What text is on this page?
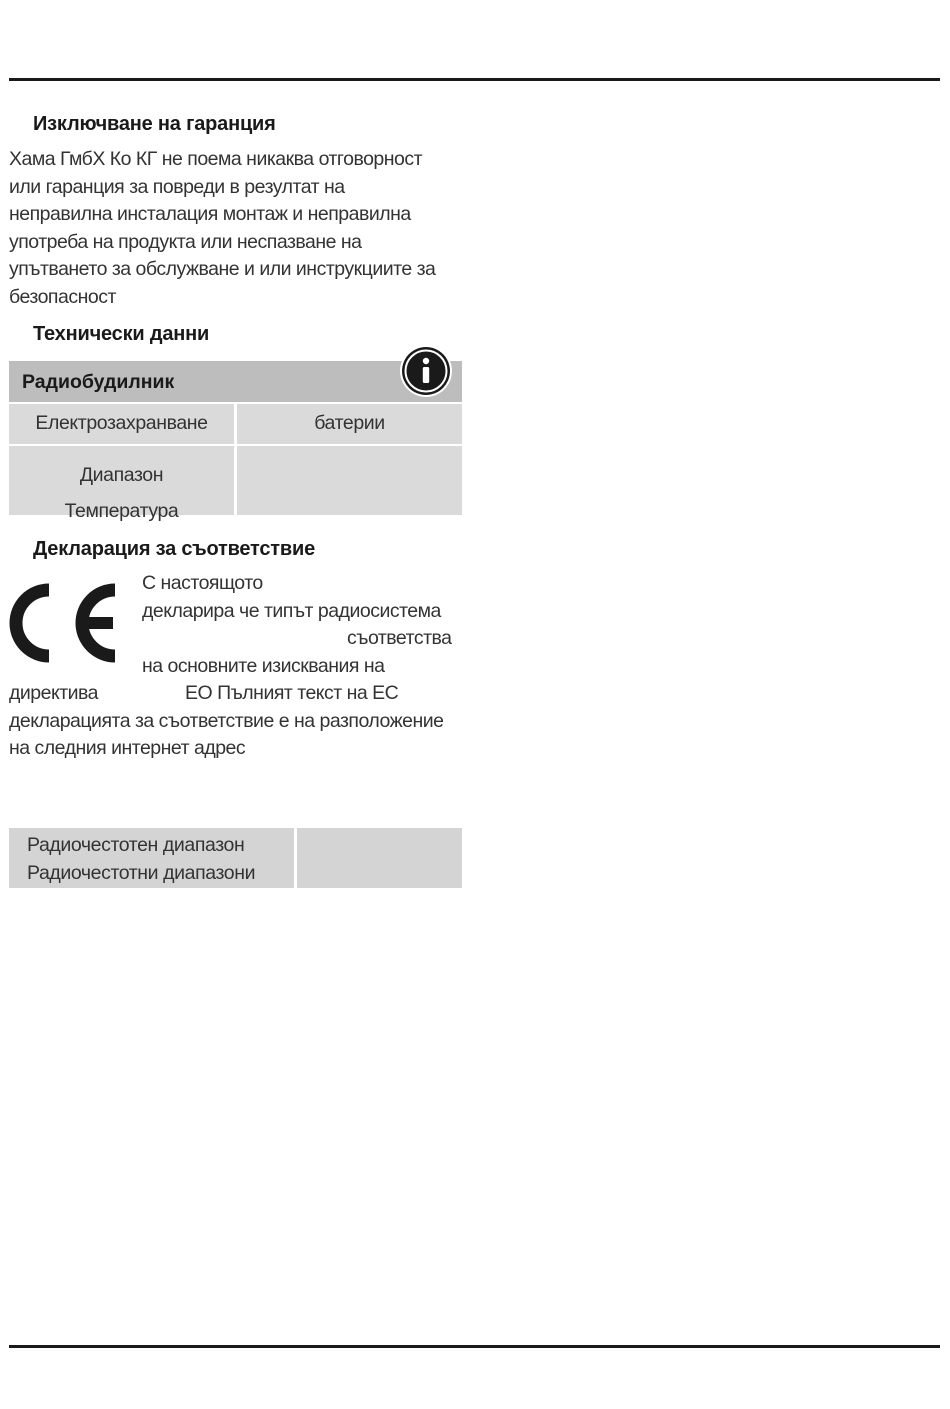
Изключване на гаранция
Хама ГмбХ Ко КГ не поема никаква отговорност
или гаранция за повреди в резултат на
неправилна инсталация монтаж и неправилна
употреба на продукта или неспазване на
упътването за обслужване и или инструкциите за
безопасност
Технически данни
Радиобудилник
Електрозахранване	батерии
Диапазон
Температура
Декларация за съответствие
С настоящото
декларира че типът радиосистема
съответства
на основните изисквания на
директива	ЕО Пълният текст на ЕС
декларацията за съответствие е на разположение
на следния интернет адрес
Радиочестотен диапазон
Радиочестотни диапазони
